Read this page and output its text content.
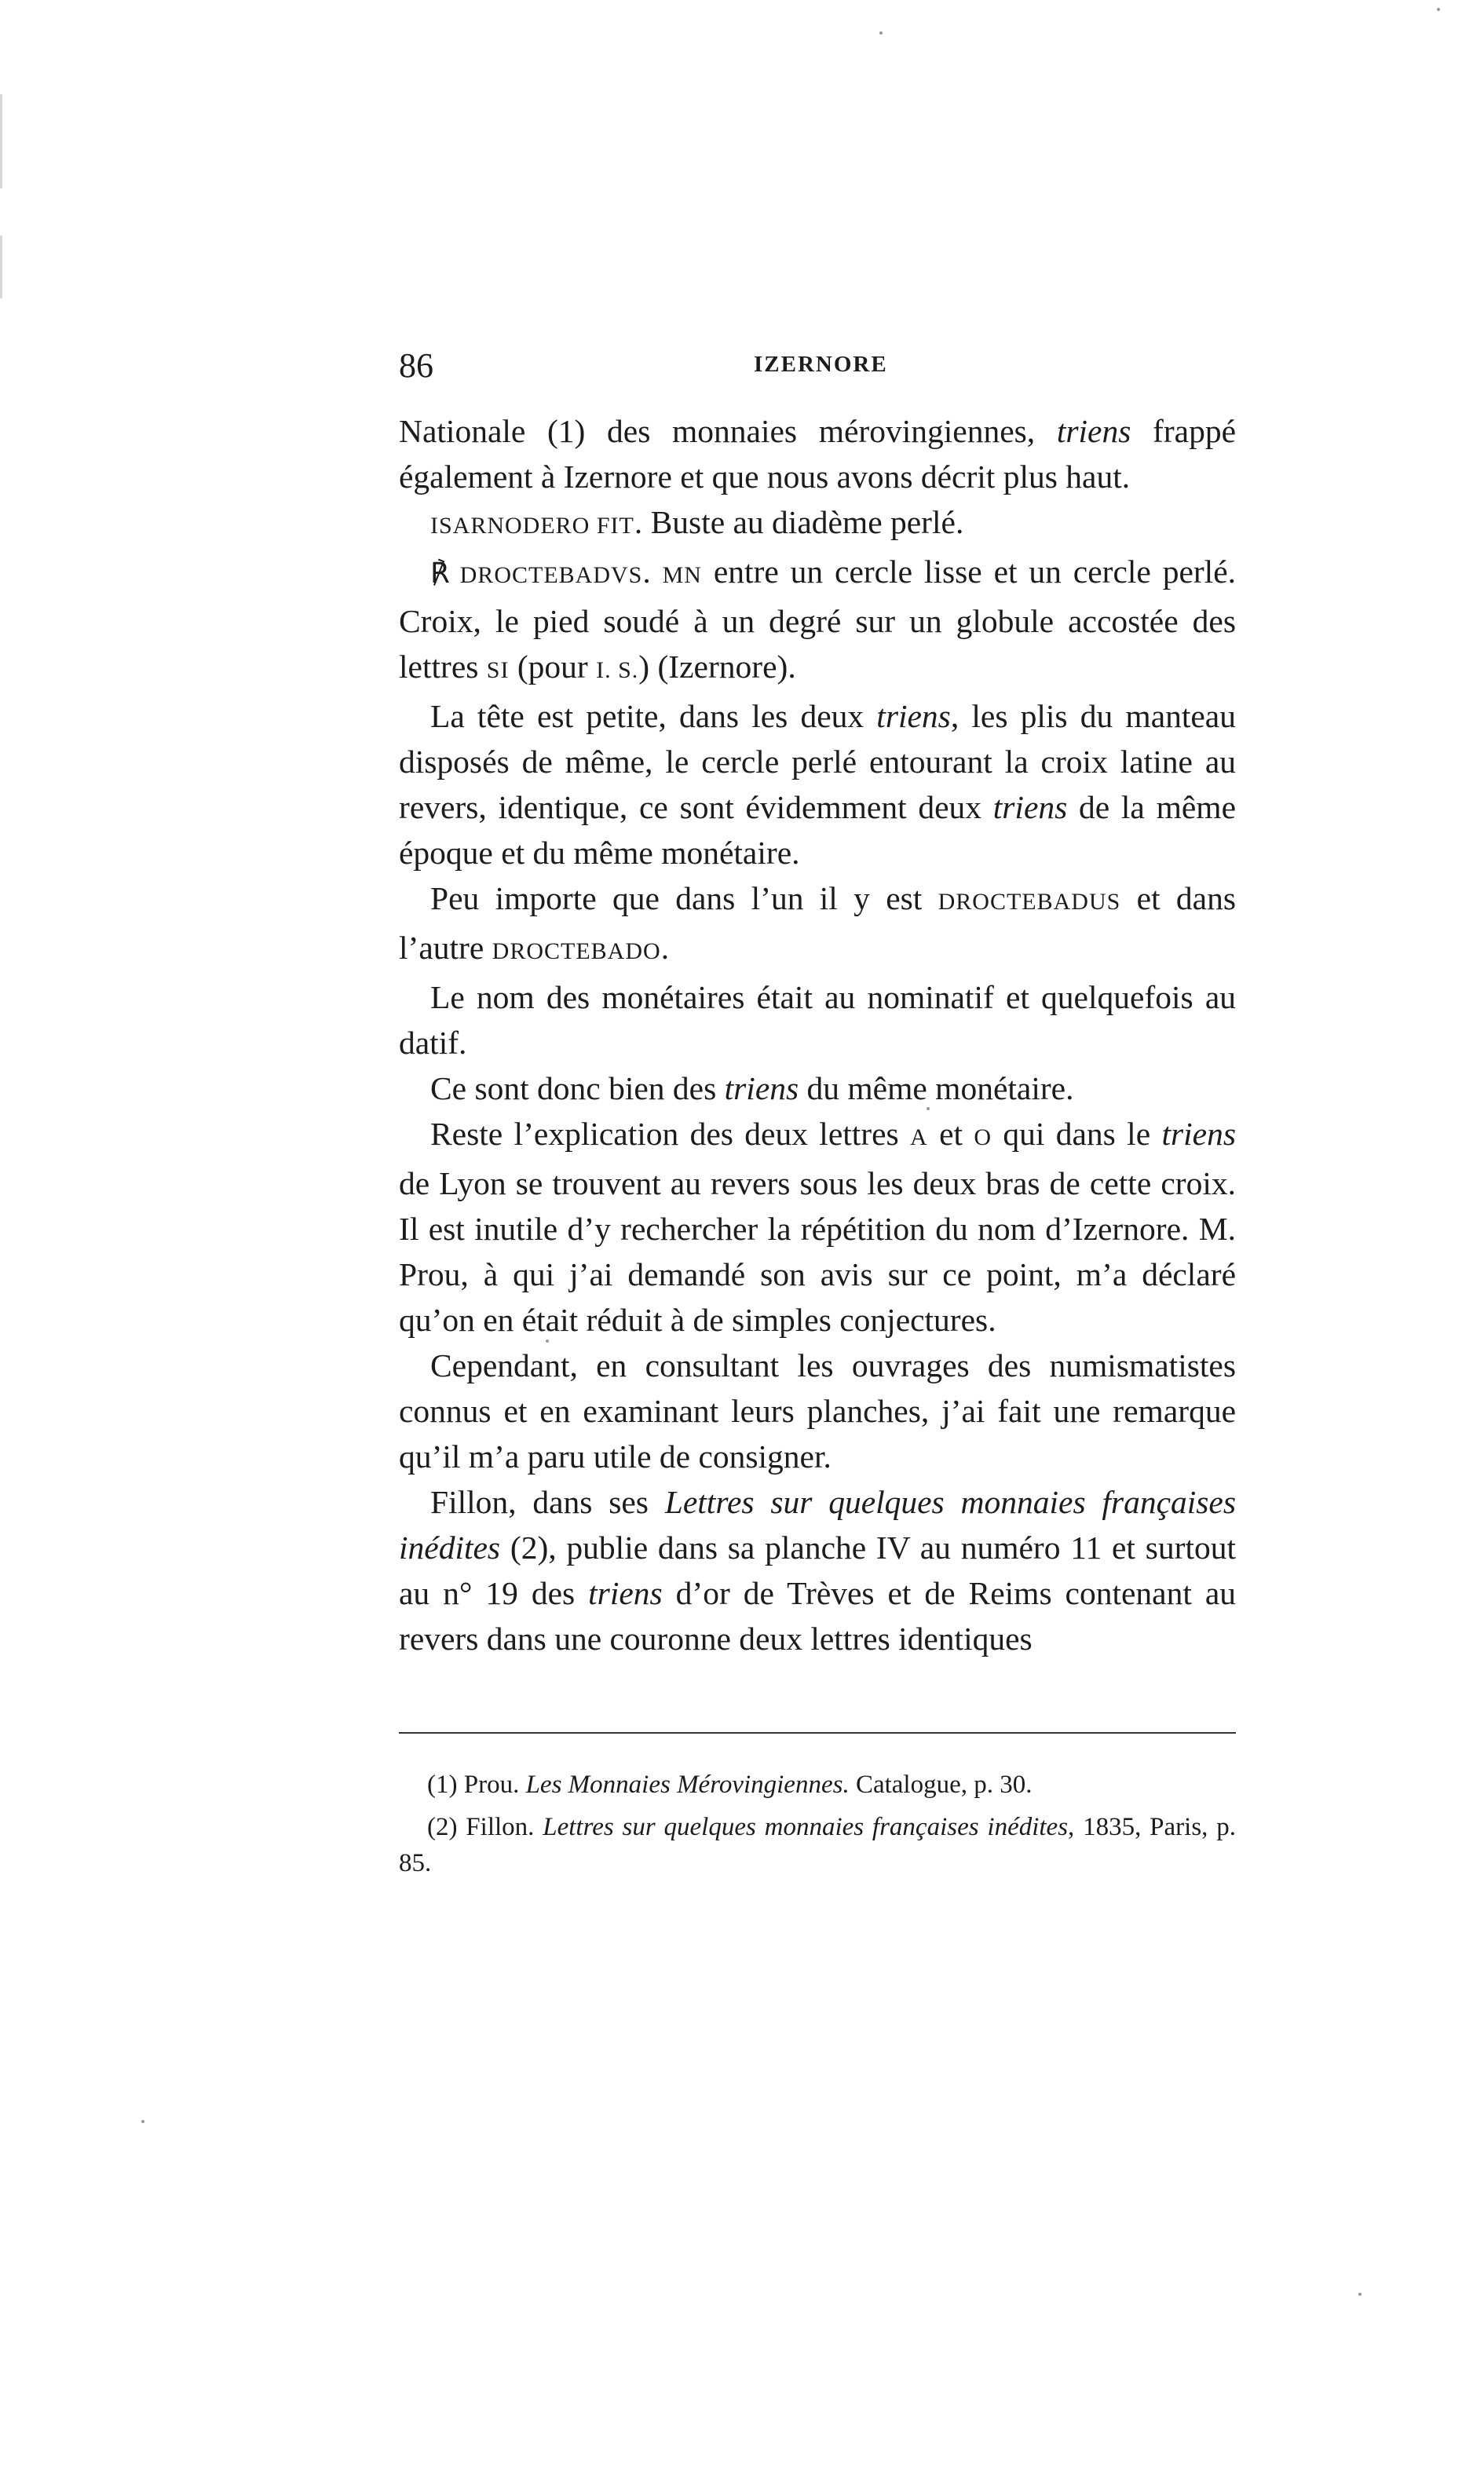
86	IZERNORE

Nationale (1) des monnaies mérovingiennes, triens frappé également à Izernore et que nous avons décrit plus haut.

ISARNODERO FIT. Buste au diadème perlé.

℟ DROCTEBADVS. MN entre un cercle lisse et un cercle perlé. Croix, le pied soudé à un degré sur un globule accostée des lettres SI (pour I. S.) (Izernore).

La tête est petite, dans les deux triens, les plis du manteau disposés de même, le cercle perlé entourant la croix latine au revers, identique, ce sont évidemment deux triens de la même époque et du même monétaire.

Peu importe que dans l’un il y est DROCTEBADUS et dans l’autre DROCTEBADO.

Le nom des monétaires était au nominatif et quelquefois au datif.

Ce sont donc bien des triens du même monétaire.

Reste l’explication des deux lettres A et O qui dans le triens de Lyon se trouvent au revers sous les deux bras de cette croix. Il est inutile d’y rechercher la répétition du nom d’Izernore. M. Prou, à qui j’ai demandé son avis sur ce point, m’a déclaré qu’on en était réduit à de simples conjectures.

Cependant, en consultant les ouvrages des numismatistes connus et en examinant leurs planches, j’ai fait une remarque qu’il m’a paru utile de consigner.

Fillon, dans ses Lettres sur quelques monnaies françaises inédites (2), publie dans sa planche IV au numéro 11 et surtout au n° 19 des triens d’or de Trèves et de Reims contenant au revers dans une couronne deux lettres identiques

(1) Prou. Les Monnaies Mérovingiennes. Catalogue, p. 30.

(2) Fillon. Lettres sur quelques monnaies françaises inédites, 1835, Paris, p. 85.
